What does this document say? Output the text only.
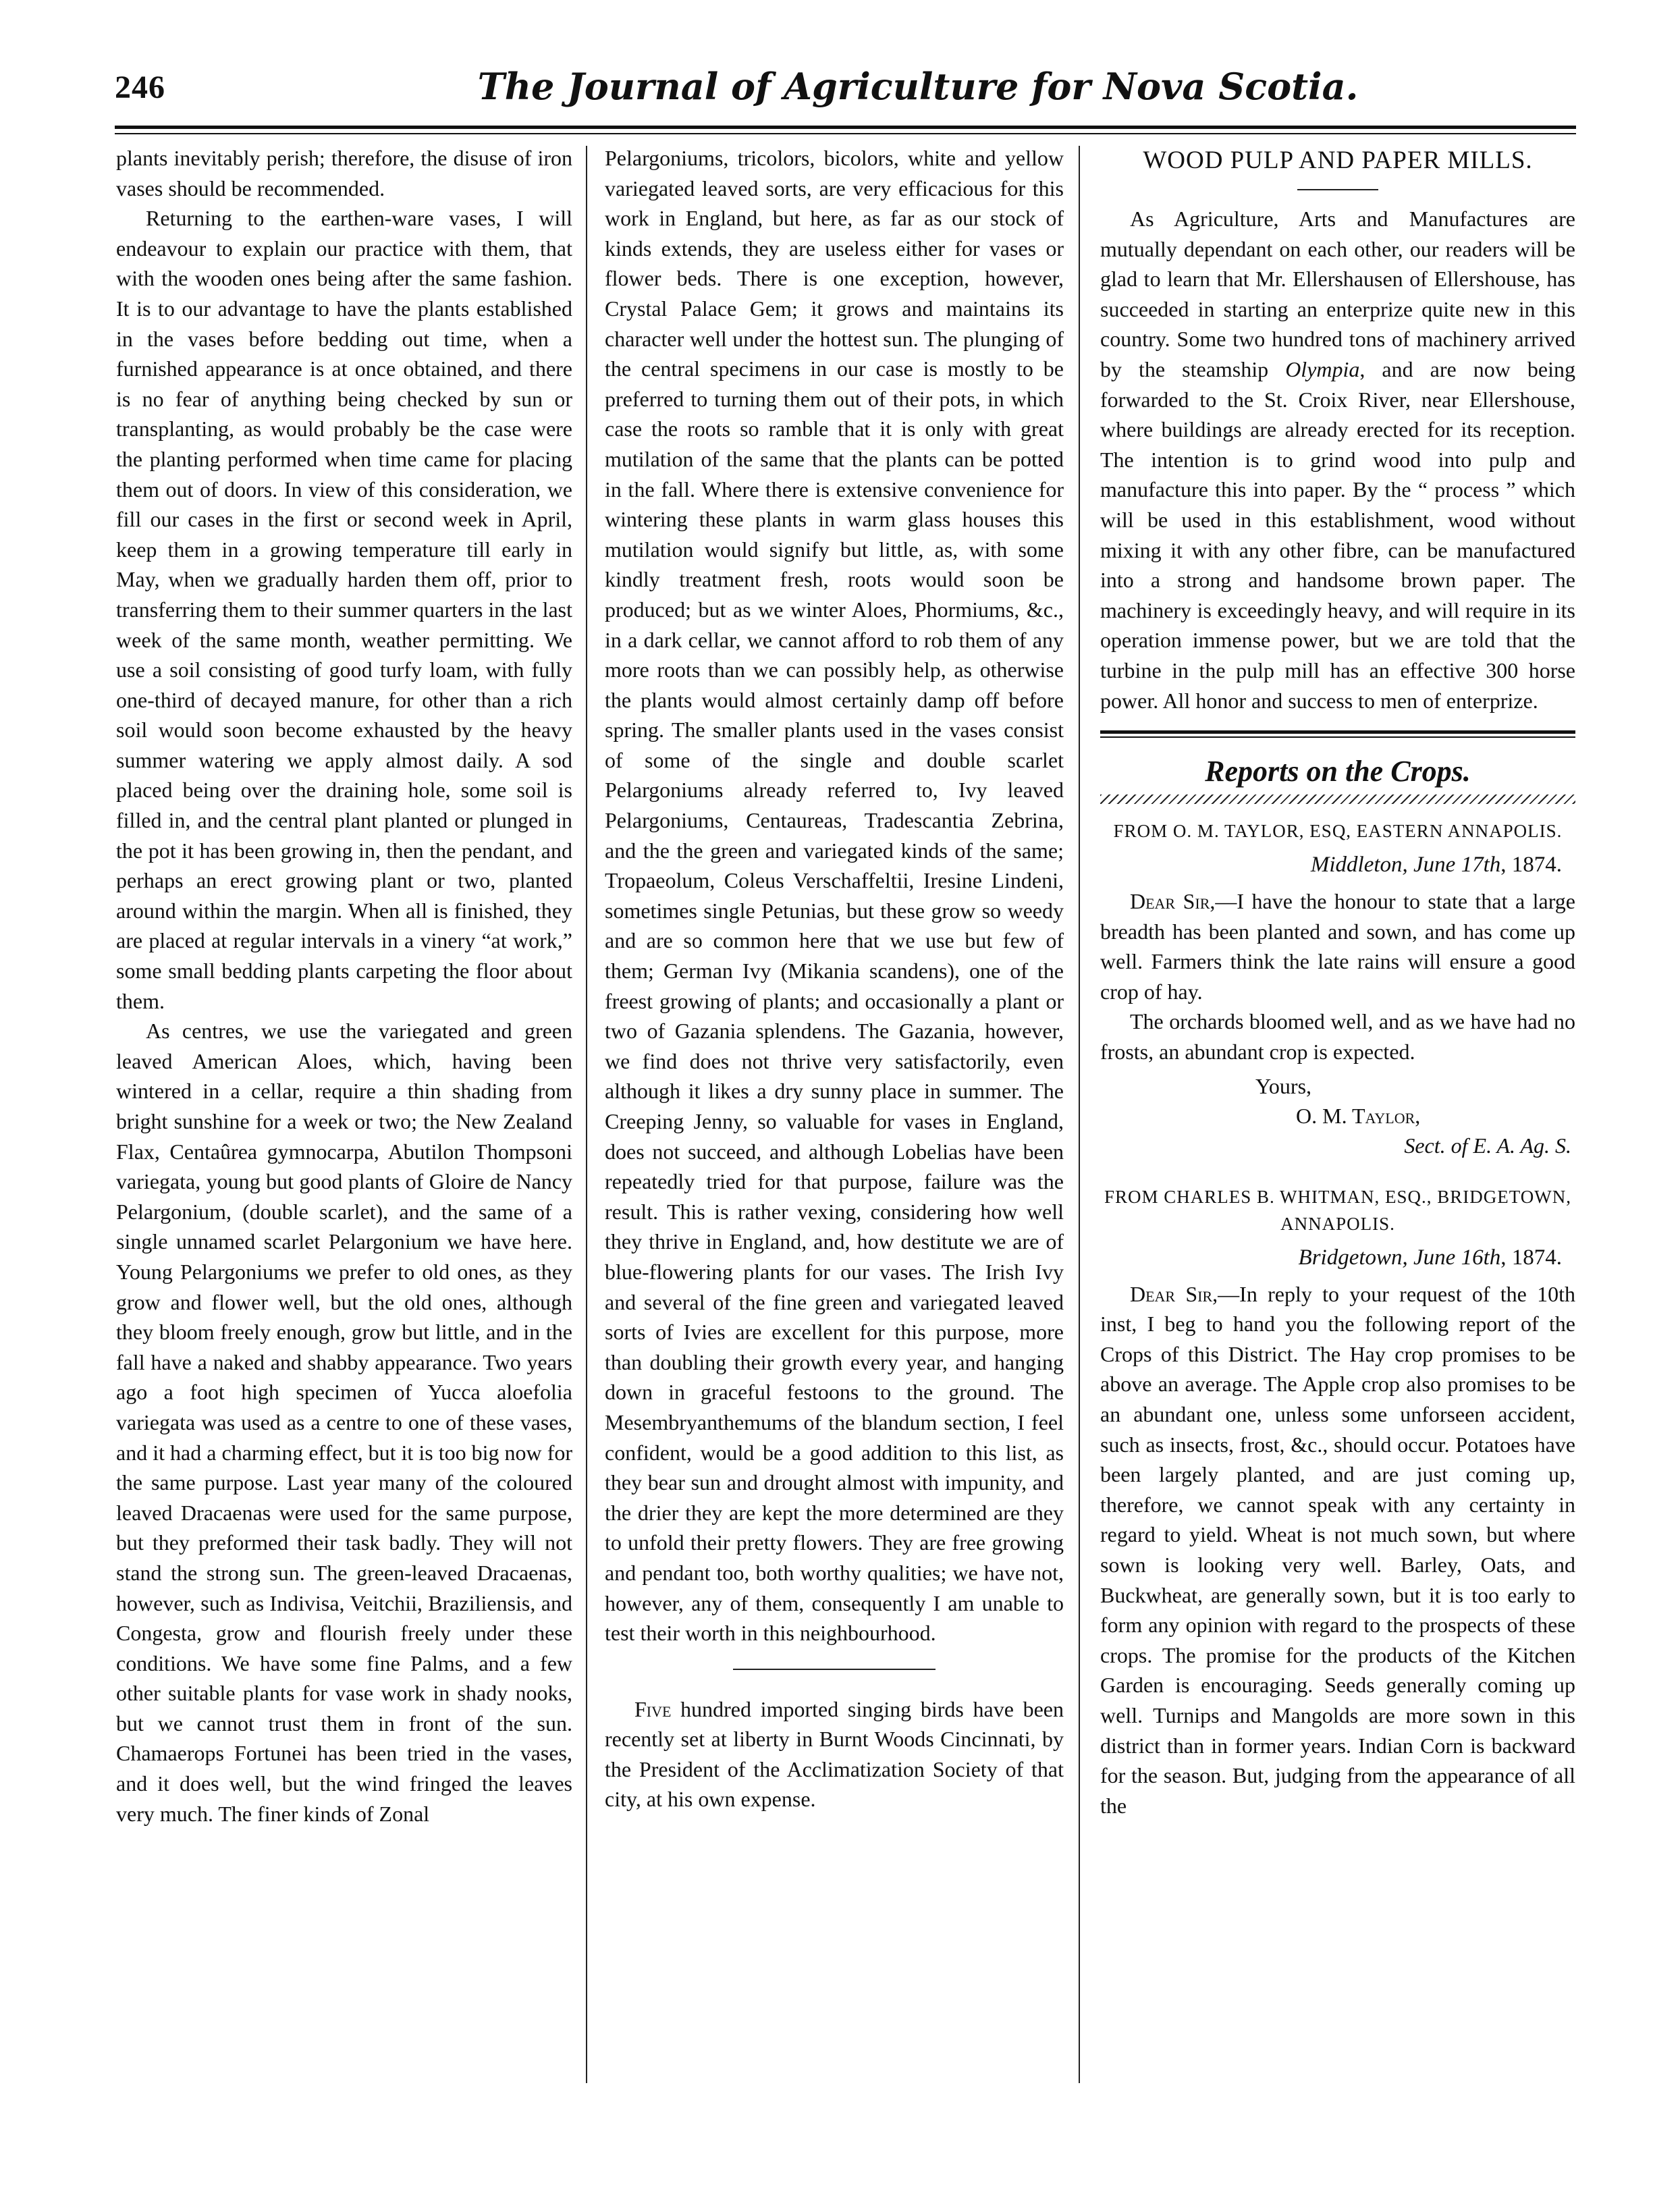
246	The Journal of Agriculture for Nova Scotia.

plants inevitably perish; therefore, the disuse of iron vases should be recommended.

Returning to the earthen-ware vases, I will endeavour to explain our practice with them, that with the wooden ones being after the same fashion. It is to our advantage to have the plants established in the vases before bedding out time, when a furnished appearance is at once obtained, and there is no fear of anything being checked by sun or transplanting, as would probably be the case were the planting performed when time came for placing them out of doors. In view of this consideration, we fill our cases in the first or second week in April, keep them in a growing temperature till early in May, when we gradually harden them off, prior to transferring them to their summer quarters in the last week of the same month, weather permitting. We use a soil consisting of good turfy loam, with fully one-third of decayed manure, for other than a rich soil would soon become exhausted by the heavy summer watering we apply almost daily. A sod placed being over the draining hole, some soil is filled in, and the central plant planted or plunged in the pot it has been growing in, then the pendant, and perhaps an erect growing plant or two, planted around within the margin. When all is finished, they are placed at regular intervals in a vinery “at work,” some small bedding plants carpeting the floor about them.

As centres, we use the variegated and green leaved American Aloes, which, having been wintered in a cellar, require a thin shading from bright sunshine for a week or two; the New Zealand Flax, Centaûrea gymnocarpa, Abutilon Thompsoni variegata, young but good plants of Gloire de Nancy Pelargonium, (double scarlet), and the same of a single unnamed scarlet Pelargonium we have here. Young Pelargoniums we prefer to old ones, as they grow and flower well, but the old ones, although they bloom freely enough, grow but little, and in the fall have a naked and shabby appearance. Two years ago a foot high specimen of Yucca aloefolia variegata was used as a centre to one of these vases, and it had a charming effect, but it is too big now for the same purpose. Last year many of the coloured leaved Dracaenas were used for the same purpose, but they preformed their task badly. They will not stand the strong sun. The green-leaved Dracaenas, however, such as Indivisa, Veitchii, Braziliensis, and Congesta, grow and flourish freely under these conditions. We have some fine Palms, and a few other suitable plants for vase work in shady nooks, but we cannot trust them in front of the sun. Chamaerops Fortunei has been tried in the vases, and it does well, but the wind fringed the leaves very much. The finer kinds of Zonal

Pelargoniums, tricolors, bicolors, white and yellow variegated leaved sorts, are very efficacious for this work in England, but here, as far as our stock of kinds extends, they are useless either for vases or flower beds. There is one exception, however, Crystal Palace Gem; it grows and maintains its character well under the hottest sun. The plunging of the central specimens in our case is mostly to be preferred to turning them out of their pots, in which case the roots so ramble that it is only with great mutilation of the same that the plants can be potted in the fall. Where there is extensive convenience for wintering these plants in warm glass houses this mutilation would signify but little, as, with some kindly treatment fresh, roots would soon be produced; but as we winter Aloes, Phormiums, &c., in a dark cellar, we cannot afford to rob them of any more roots than we can possibly help, as otherwise the plants would almost certainly damp off before spring. The smaller plants used in the vases consist of some of the single and double scarlet Pelargoniums already referred to, Ivy leaved Pelargoniums, Centaureas, Tradescantia Zebrina, and the the green and variegated kinds of the same; Tropaeolum, Coleus Verschaffeltii, Iresine Lindeni, sometimes single Petunias, but these grow so weedy and are so common here that we use but few of them; German Ivy (Mikania scandens), one of the freest growing of plants; and occasionally a plant or two of Gazania splendens. The Gazania, however, we find does not thrive very satisfactorily, even although it likes a dry sunny place in summer. The Creeping Jenny, so valuable for vases in England, does not succeed, and although Lobelias have been repeatedly tried for that purpose, failure was the result. This is rather vexing, considering how well they thrive in England, and, how destitute we are of blue-flowering plants for our vases. The Irish Ivy and several of the fine green and variegated leaved sorts of Ivies are excellent for this purpose, more than doubling their growth every year, and hanging down in graceful festoons to the ground. The Mesembryanthemums of the blandum section, I feel confident, would be a good addition to this list, as they bear sun and drought almost with impunity, and the drier they are kept the more determined are they to unfold their pretty flowers. They are free growing and pendant too, both worthy qualities; we have not, however, any of them, consequently I am unable to test their worth in this neighbourhood.

Five hundred imported singing birds have been recently set at liberty in Burnt Woods Cincinnati, by the President of the Acclimatization Society of that city, at his own expense.

WOOD PULP AND PAPER MILLS.

As Agriculture, Arts and Manufactures are mutually dependant on each other, our readers will be glad to learn that Mr. Ellershausen of Ellershouse, has succeeded in starting an enterprize quite new in this country. Some two hundred tons of machinery arrived by the steamship Olympia, and are now being forwarded to the St. Croix River, near Ellershouse, where buildings are already erected for its reception. The intention is to grind wood into pulp and manufacture this into paper. By the “ process ” which will be used in this establishment, wood without mixing it with any other fibre, can be manufactured into a strong and handsome brown paper. The machinery is exceedingly heavy, and will require in its operation immense power, but we are told that the turbine in the pulp mill has an effective 300 horse power. All honor and success to men of enterprize.

Reports on the Crops.
FROM O. M. TAYLOR, ESQ, EASTERN ANNAPOLIS.
Middleton, June 17th, 1874.

Dear Sir,—I have the honour to state that a large breadth has been planted and sown, and has come up well. Farmers think the late rains will ensure a good crop of hay.

The orchards bloomed well, and as we have had no frosts, an abundant crop is expected.

Yours,
O. M. Taylor,
Sect. of E. A. Ag. S.
FROM CHARLES B. WHITMAN, ESQ., BRIDGETOWN, ANNAPOLIS.
Bridgetown, June 16th, 1874.

Dear Sir,—In reply to your request of the 10th inst, I beg to hand you the following report of the Crops of this District. The Hay crop promises to be above an average. The Apple crop also promises to be an abundant one, unless some unforseen accident, such as insects, frost, &c., should occur. Potatoes have been largely planted, and are just coming up, therefore, we cannot speak with any certainty in regard to yield. Wheat is not much sown, but where sown is looking very well. Barley, Oats, and Buckwheat, are generally sown, but it is too early to form any opinion with regard to the prospects of these crops. The promise for the products of the Kitchen Garden is encouraging. Seeds generally coming up well. Turnips and Mangolds are more sown in this district than in former years. Indian Corn is backward for the season. But, judging from the appearance of all the
